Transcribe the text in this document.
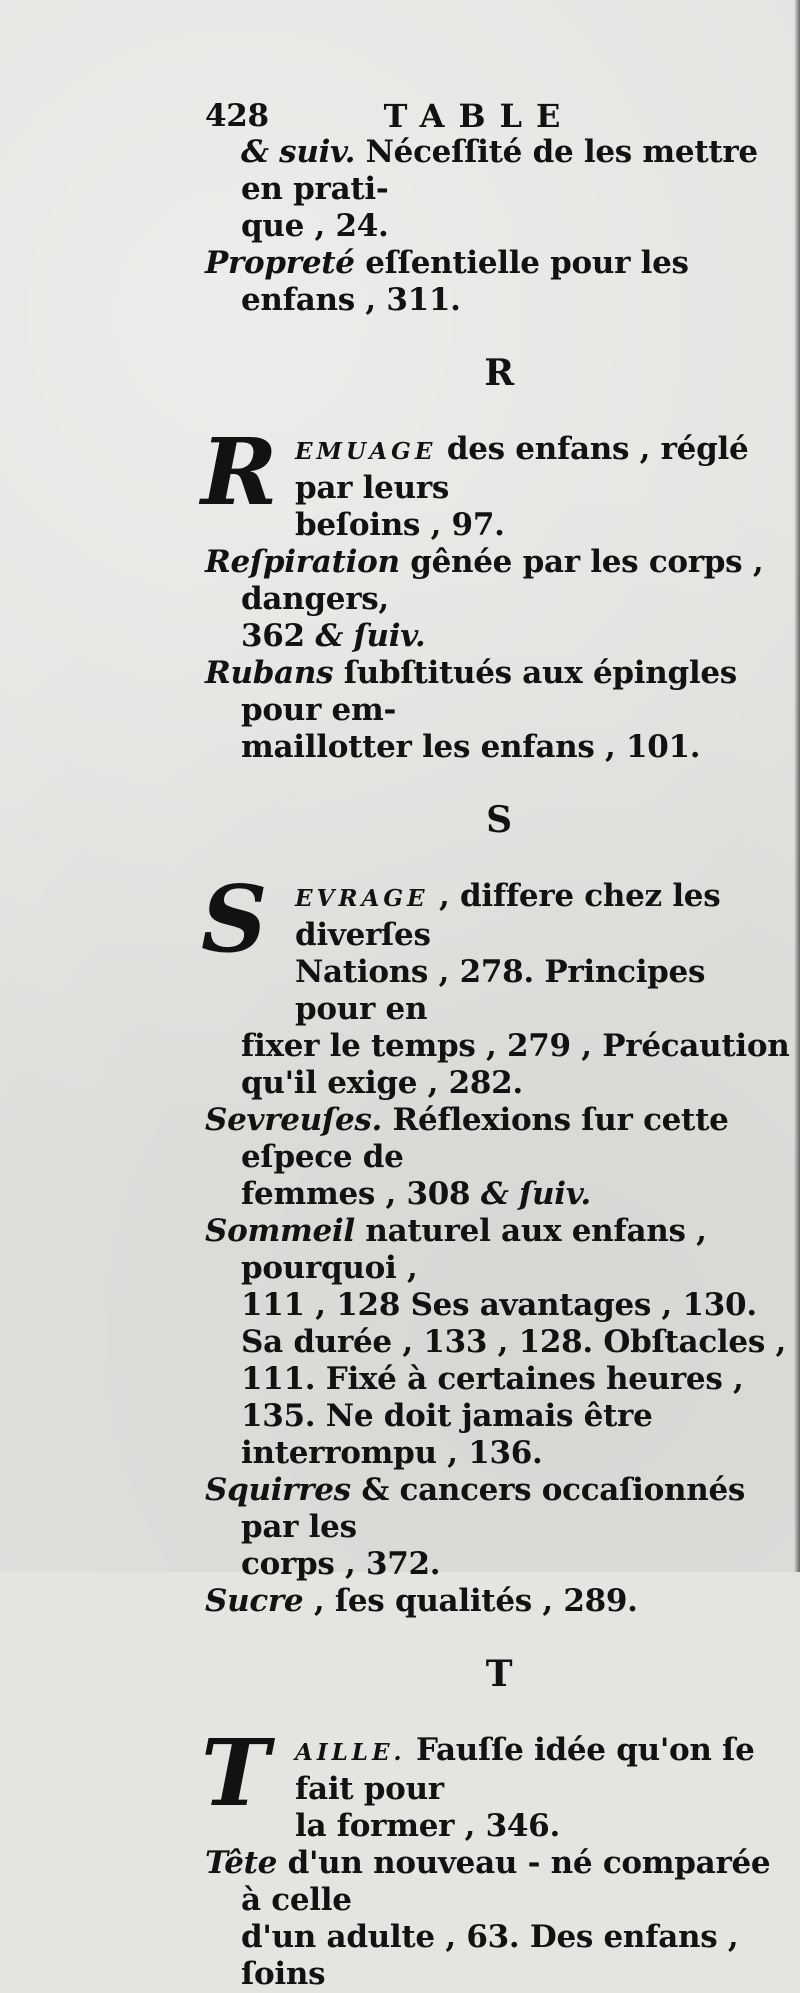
428	TABLE

& suiv. Néceſſité de les mettre en prati-

que , 24.

Propreté eſſentielle pour les enfans , 311.

R
R EMUAGE des enfans , réglé par leurs

beſoins , 97.

Reſpiration gênée par les corps , dangers,

362 & ſuiv.

Rubans ſubſtitués aux épingles pour em-

maillotter les enfans , 101.

S
S EVRAGE , differe chez les diverſes

Nations , 278. Principes pour en

fixer le temps , 279 , Précaution qu'il exige , 282.

Sevreuſes. Réflexions ſur cette eſpece de

femmes , 308 & ſuiv.

Sommeil naturel aux enfans , pourquoi ,

111 , 128 Ses avantages , 130. Sa durée , 133 , 128. Obſtacles , 111. Fixé à certaines heures , 135. Ne doit jamais être interrompu , 136.

Squirres & cancers occaſionnés par les

corps , 372.

Sucre , ſes qualités , 289.

T
T AILLE. Fauſſe idée qu'on ſe fait pour

la former , 346.

Tête d'un nouveau - né comparée à celle

d'un adulte , 63. Des enfans , ſoins
